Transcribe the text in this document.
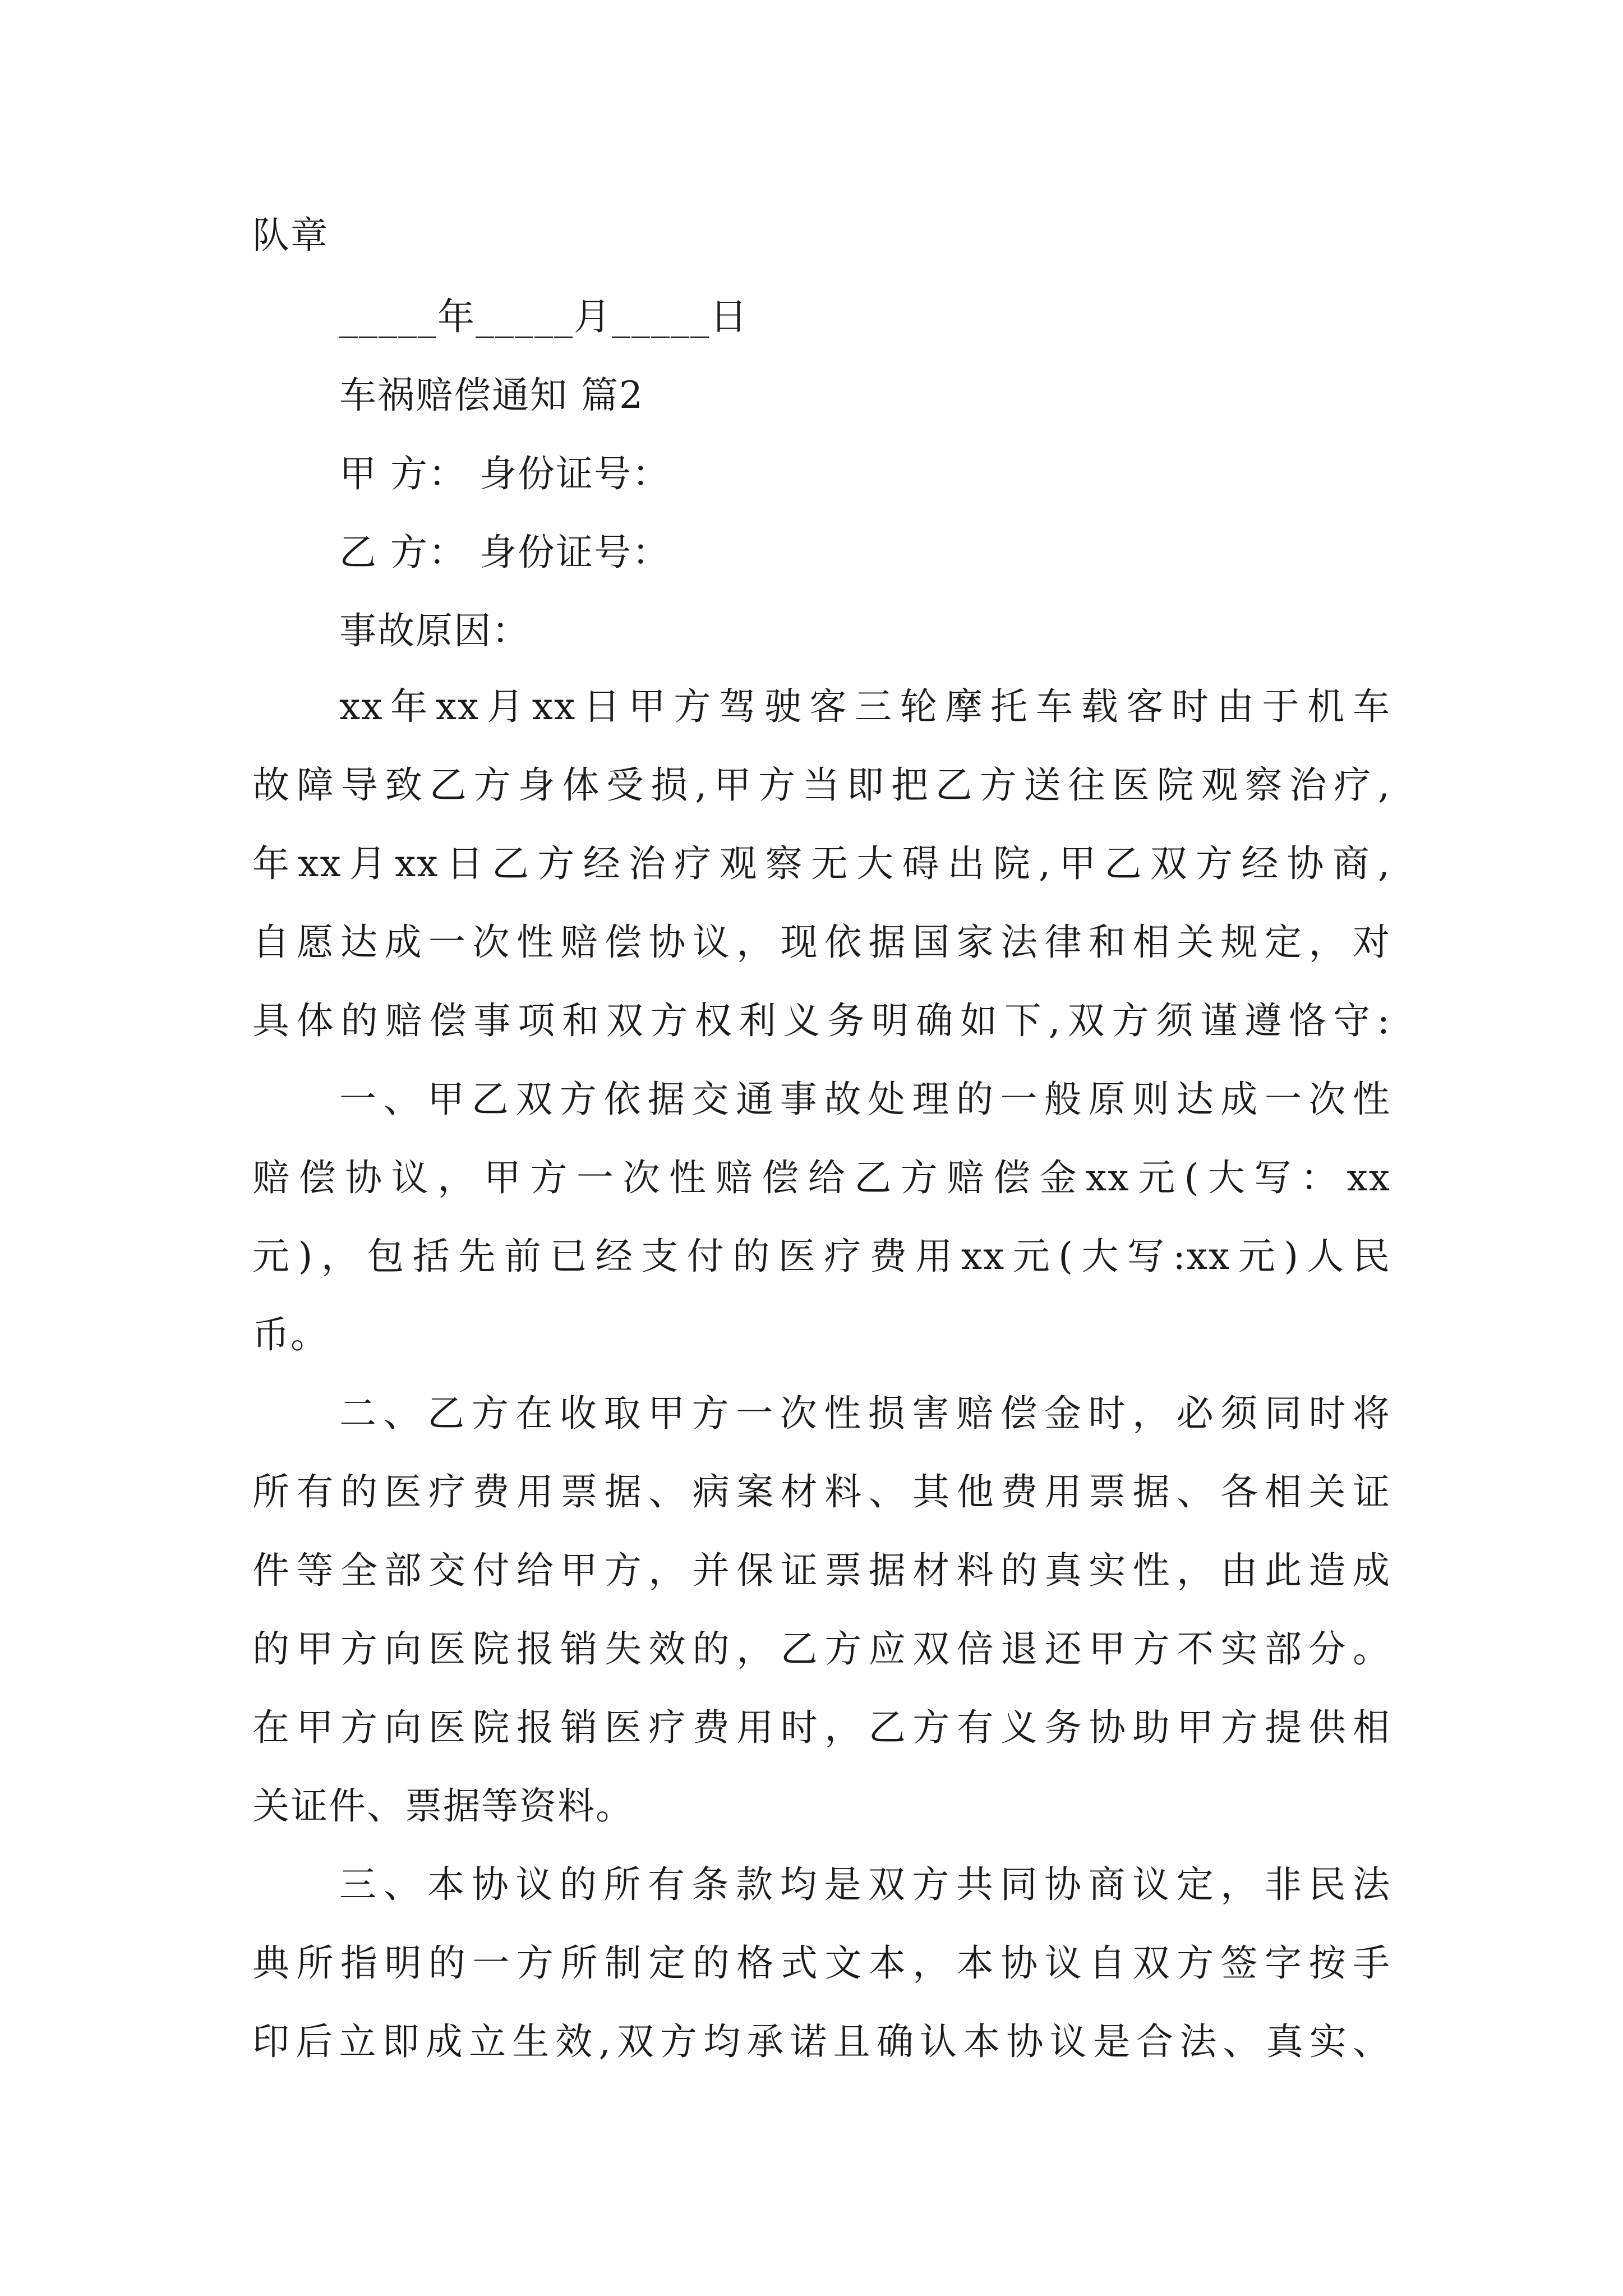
队章
_____年_____月_____日
车祸赔偿通知 篇2
甲 方： 身份证号：
乙 方： 身份证号：
事故原因：
xx年xx月xx日甲方驾驶客三轮摩托车载客时由于机车
故障导致乙方身体受损,甲方当即把乙方送往医院观察治疗,
年xx月xx日乙方经治疗观察无大碍出院,甲乙双方经协商,
自愿达成一次性赔偿协议，现依据国家法律和相关规定，对
具体的赔偿事项和双方权利义务明确如下,双方须谨遵恪守:
一、甲乙双方依据交通事故处理的一般原则达成一次性
赔偿协议，甲方一次性赔偿给乙方赔偿金xx元(大写：xx
元)，包括先前已经支付的医疗费用xx元(大写:xx元)人民
币。
二、乙方在收取甲方一次性损害赔偿金时，必须同时将
所有的医疗费用票据、病案材料、其他费用票据、各相关证
件等全部交付给甲方，并保证票据材料的真实性，由此造成
的甲方向医院报销失效的，乙方应双倍退还甲方不实部分。
在甲方向医院报销医疗费用时，乙方有义务协助甲方提供相
关证件、票据等资料。
三、本协议的所有条款均是双方共同协商议定，非民法
典所指明的一方所制定的格式文本，本协议自双方签字按手
印后立即成立生效,双方均承诺且确认本协议是合法、真实、
